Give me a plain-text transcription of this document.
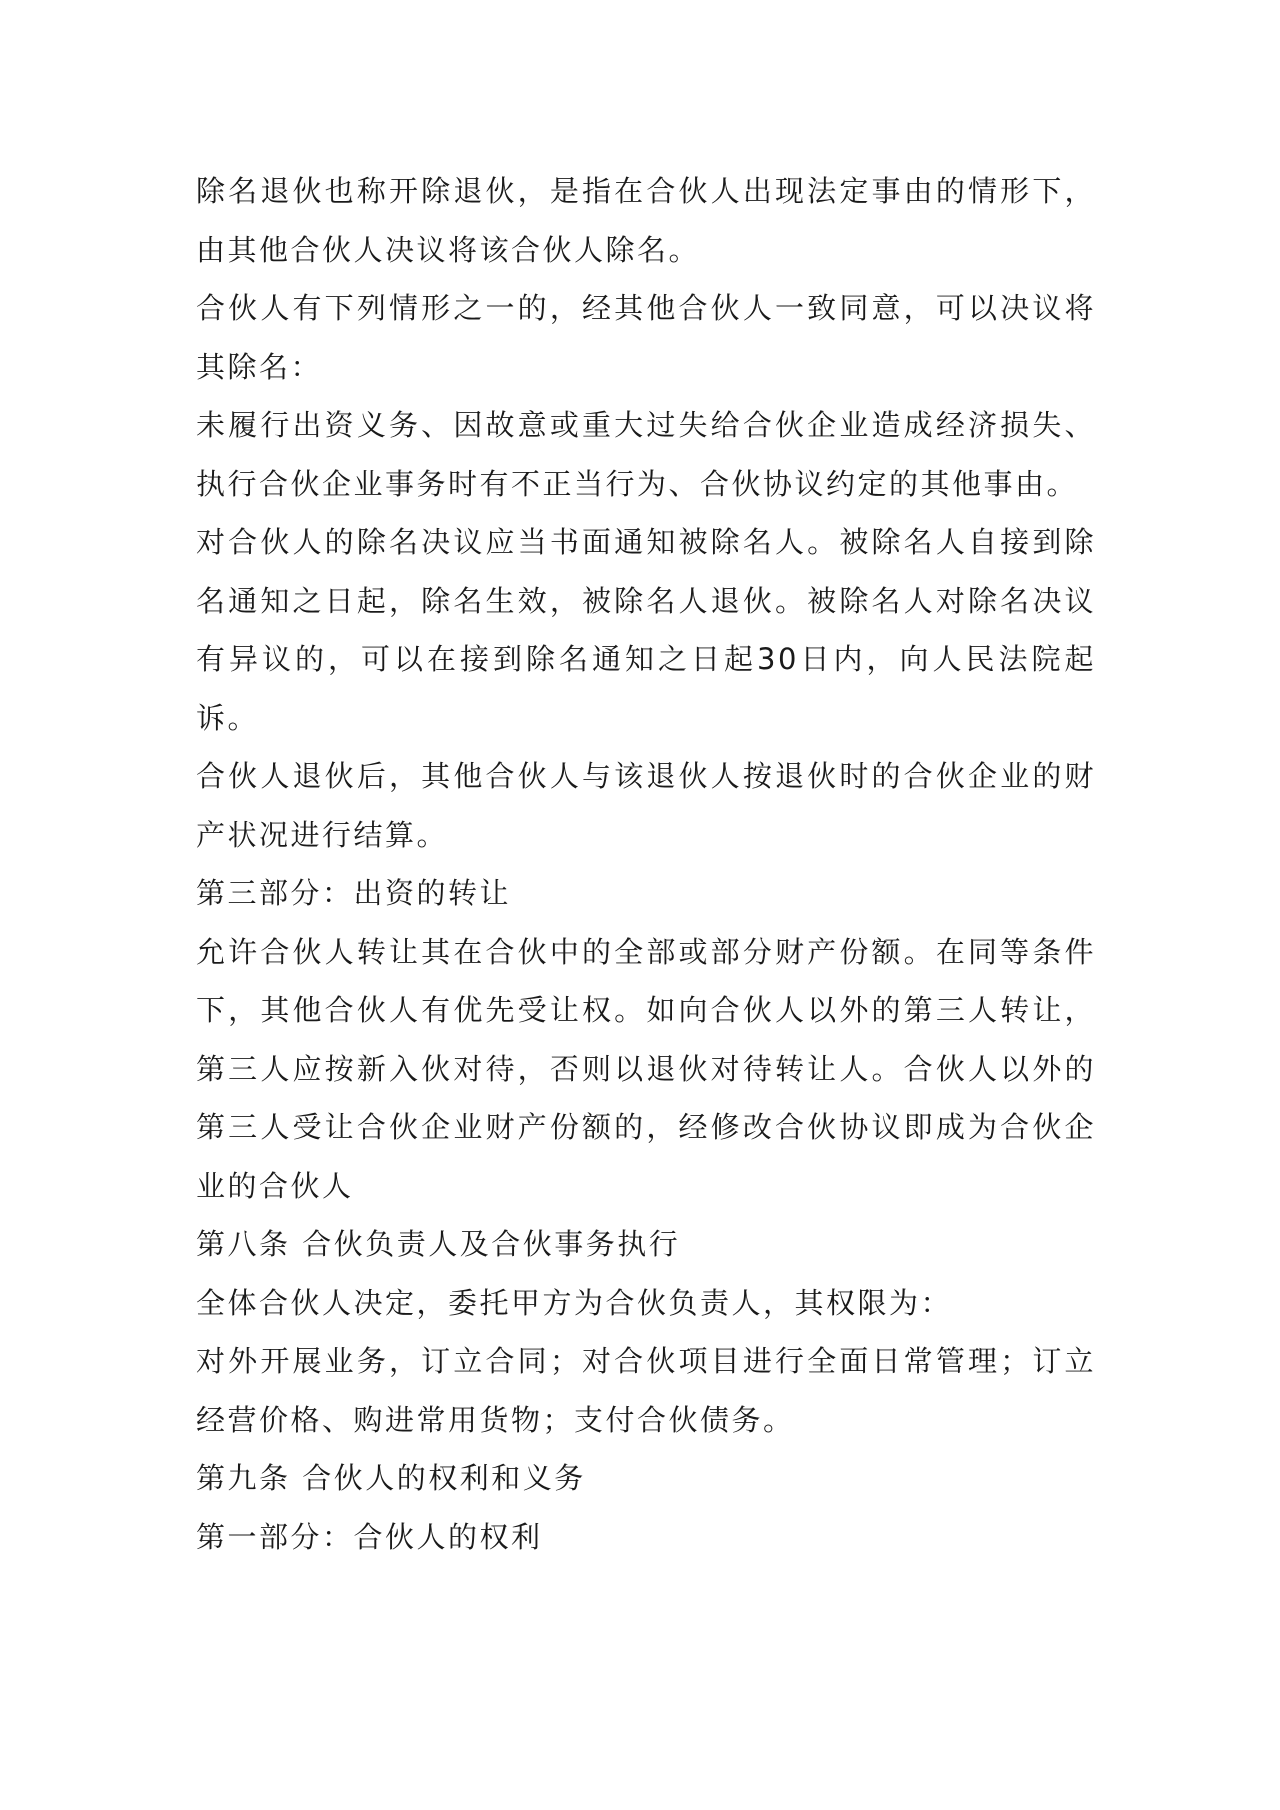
除名退伙也称开除退伙，是指在合伙人出现法定事由的情形下，由其他合伙人决议将该合伙人除名。

合伙人有下列情形之一的，经其他合伙人一致同意，可以决议将其除名：

未履行出资义务、因故意或重大过失给合伙企业造成经济损失、执行合伙企业事务时有不正当行为、合伙协议约定的其他事由。

对合伙人的除名决议应当书面通知被除名人。被除名人自接到除名通知之日起，除名生效，被除名人退伙。被除名人对除名决议有异议的，可以在接到除名通知之日起30日内，向人民法院起诉。

合伙人退伙后，其他合伙人与该退伙人按退伙时的合伙企业的财产状况进行结算。

第三部分：出资的转让

允许合伙人转让其在合伙中的全部或部分财产份额。在同等条件下，其他合伙人有优先受让权。如向合伙人以外的第三人转让，第三人应按新入伙对待，否则以退伙对待转让人。合伙人以外的第三人受让合伙企业财产份额的，经修改合伙协议即成为合伙企业的合伙人

第八条 合伙负责人及合伙事务执行

全体合伙人决定，委托甲方为合伙负责人，其权限为：

对外开展业务，订立合同；对合伙项目进行全面日常管理；订立经营价格、购进常用货物；支付合伙债务。

第九条 合伙人的权利和义务

第一部分：合伙人的权利
